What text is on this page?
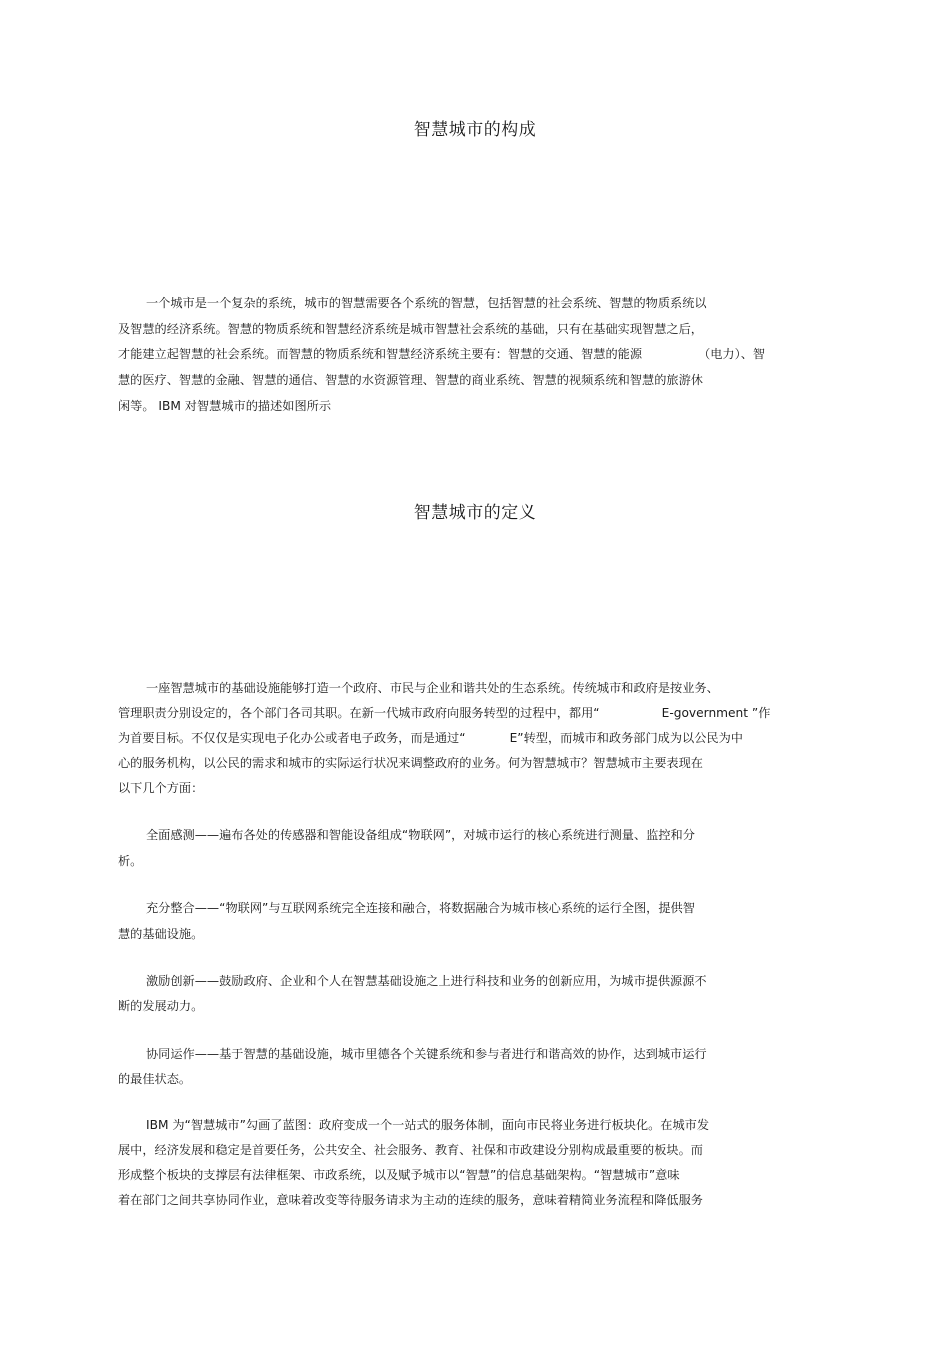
智慧城市的构成

一个城市是一个复杂的系统，城市的智慧需要各个系统的智慧，包括智慧的社会系统、智慧的物质系统以

及智慧的经济系统。智慧的物质系统和智慧经济系统是城市智慧社会系统的基础，只有在基础实现智慧之后，

才能建立起智慧的社会系统。而智慧的物质系统和智慧经济系统主要有：智慧的交通、智慧的能源	（电力）、智

慧的医疗、智慧的金融、智慧的通信、智慧的水资源管理、智慧的商业系统、智慧的视频系统和智慧的旅游休

闲等。 IBM 对智慧城市的描述如图所示

智慧城市的定义

一座智慧城市的基础设施能够打造一个政府、市民与企业和谐共处的生态系统。传统城市和政府是按业务、

管理职责分别设定的，各个部门各司其职。在新一代城市政府向服务转型的过程中，都用“	E-government ”作

为首要目标。不仅仅是实现电子化办公或者电子政务，而是通过“	E”转型，而城市和政务部门成为以公民为中

心的服务机构，以公民的需求和城市的实际运行状况来调整政府的业务。何为智慧城市？智慧城市主要表现在

以下几个方面：

全面感测——遍布各处的传感器和智能设备组成“物联网”，对城市运行的核心系统进行测量、监控和分

析。

充分整合——“物联网”与互联网系统完全连接和融合，将数据融合为城市核心系统的运行全图，提供智

慧的基础设施。

激励创新——鼓励政府、企业和个人在智慧基础设施之上进行科技和业务的创新应用，为城市提供源源不

断的发展动力。

协同运作——基于智慧的基础设施，城市里德各个关键系统和参与者进行和谐高效的协作，达到城市运行

的最佳状态。

IBM 为“智慧城市”勾画了蓝图：政府变成一个一站式的服务体制，面向市民将业务进行板块化。在城市发

展中，经济发展和稳定是首要任务，公共安全、社会服务、教育、社保和市政建设分别构成最重要的板块。而

形成整个板块的支撑层有法律框架、市政系统，以及赋予城市以“智慧”的信息基础架构。“智慧城市”意味

着在部门之间共享协同作业，意味着改变等待服务请求为主动的连续的服务，意味着精简业务流程和降低服务
